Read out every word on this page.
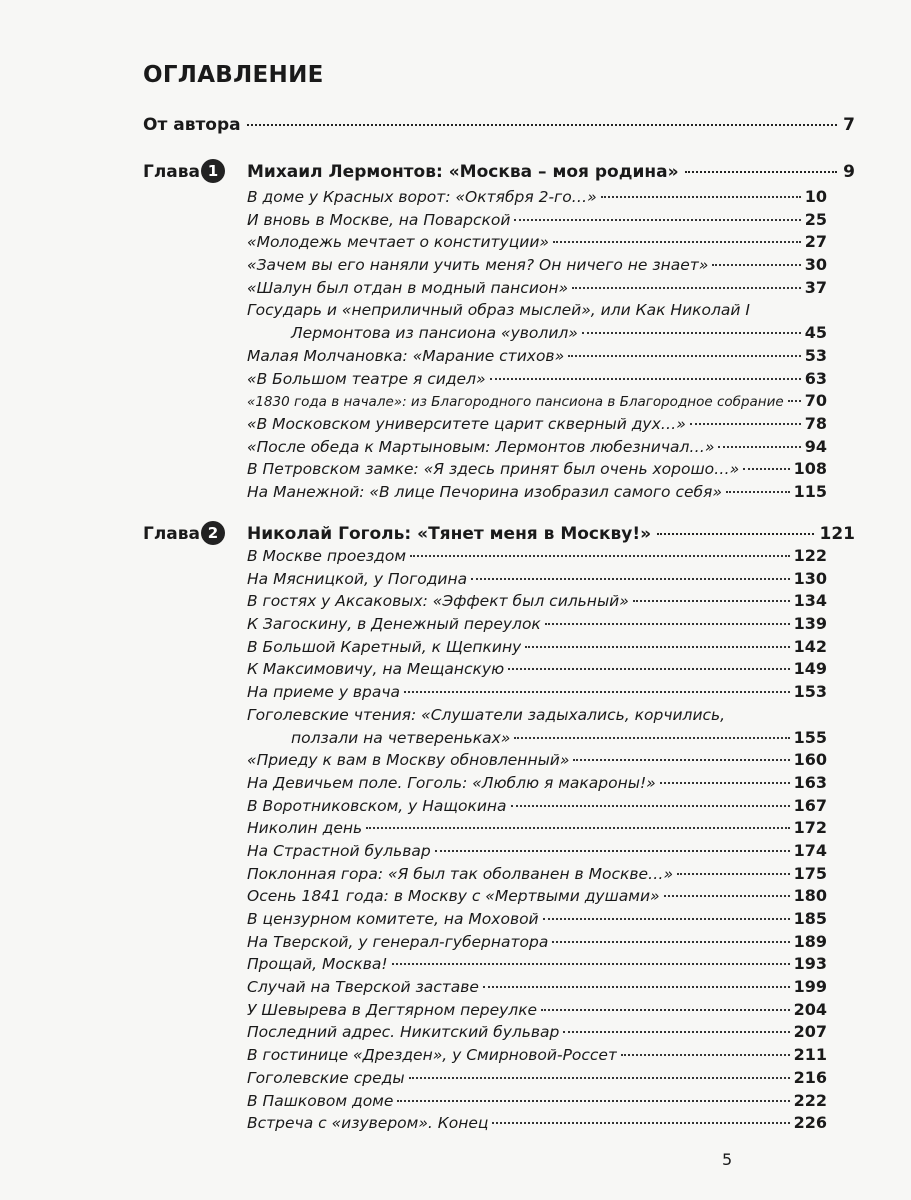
ОГЛАВЛЕНИЕ
От автора	7
Глава 1	Михаил Лермонтов: «Москва – моя родина»	9
В доме у Красных ворот: «Октября 2-го…»	10
И вновь в Москве, на Поварской	25
«Молодежь мечтает о конституции»	27
«Зачем вы его наняли учить меня? Он ничего не знает»	30
«Шалун был отдан в модный пансион»	37
Государь и «неприличный образ мыслей», или Как Николай I
Лермонтова из пансиона «уволил»	45
Малая Молчановка: «Марание стихов»	53
«В Большом театре я сидел»	63
«1830 года в начале»: из Благородного пансиона в Благородное собрание 70
«В Московском университете царит скверный дух…»	78
«После обеда к Мартыновым: Лермонтов любезничал…»	94
В Петровском замке: «Я здесь принят был очень хорошо…»	108
На Манежной: «В лице Печорина изобразил самого себя»	115
Глава 2	Николай Гоголь: «Тянет меня в Москву!»	121
В Москве проездом	122
На Мясницкой, у Погодина	130
В гостях у Аксаковых: «Эффект был сильный»	134
К Загоскину, в Денежный переулок	139
В Большой Каретный, к Щепкину	142
К Максимовичу, на Мещанскую	149
На приеме у врача	153
Гоголевские чтения: «Слушатели задыхались, корчились,
ползали на четвереньках»	155
«Приеду к вам в Москву обновленный»	160
На Девичьем поле. Гоголь: «Люблю я макароны!»	163
В Воротниковском, у Нащокина	167
Николин день	172
На Страстной бульвар	174
Поклонная гора: «Я был так оболванен в Москве…»	175
Осень 1841 года: в Москву с «Мертвыми душами»	180
В цензурном комитете, на Моховой	185
На Тверской, у генерал-губернатора	189
Прощай, Москва!	193
Случай на Тверской заставе	199
У Шевырева в Дегтярном переулке	204
Последний адрес. Никитский бульвар	207
В гостинице «Дрезден», у Смирновой-Россет	211
Гоголевские среды	216
В Пашковом доме	222
Встреча с «изувером». Конец	226
5
